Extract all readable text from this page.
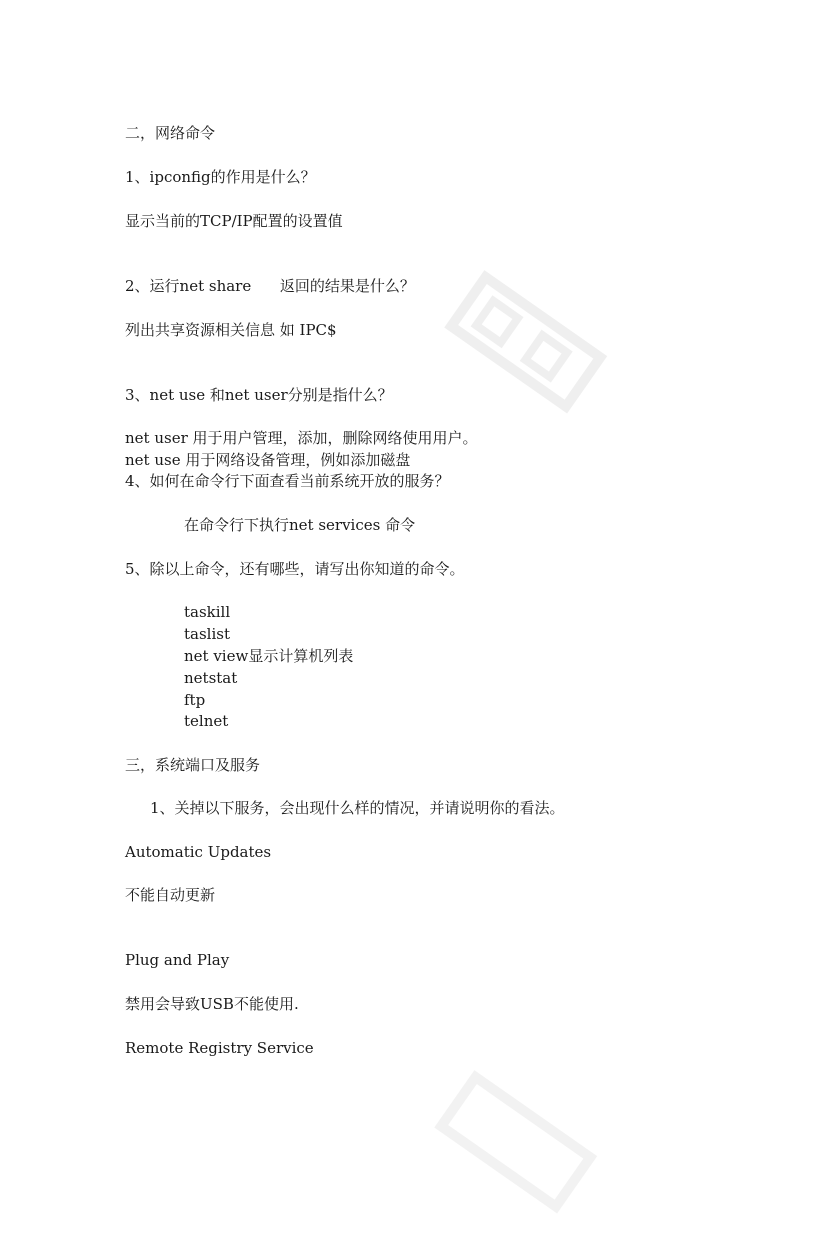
二，网络命令
1、ipconfig的作用是什么？
显示当前的TCP/IP配置的设置值
2、运行net share      返回的结果是什么？
列出共享资源相关信息 如 IPC$
3、net use 和net user分别是指什么？
net user 用于用户管理，添加，删除网络使用用户。
net use 用于网络设备管理，例如添加磁盘
4、如何在命令行下面查看当前系统开放的服务？
在命令行下执行net services 命令
5、除以上命令，还有哪些，请写出你知道的命令。
taskill
taslist
net view显示计算机列表
netstat
ftp
telnet
三，系统端口及服务
1、关掉以下服务，会出现什么样的情况，并请说明你的看法。
Automatic Updates
不能自动更新
Plug and Play
禁用会导致USB不能使用.
Remote Registry Service
